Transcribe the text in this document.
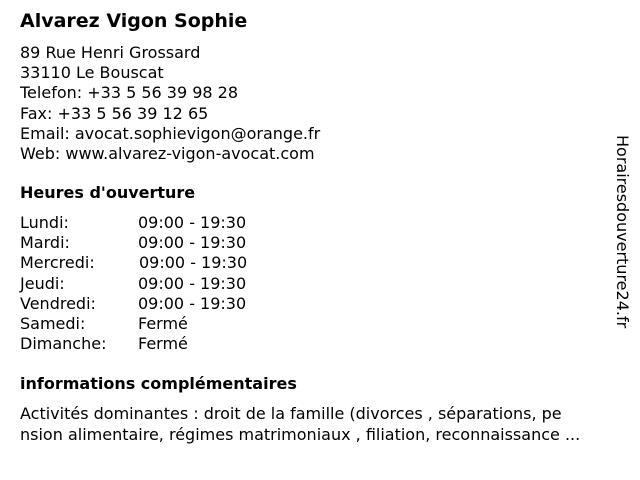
Alvarez Vigon Sophie
89 Rue Henri Grossard
33110 Le Bouscat
Telefon: +33 5 56 39 98 28
Fax: +33 5 56 39 12 65
Email: avocat.sophievigon@orange.fr
Web: www.alvarez-vigon-avocat.com
Heures d'ouverture
Lundi:	09:00 - 19:30
Mardi:	09:00 - 19:30
Mercredi:	09:00 - 19:30
Jeudi:	09:00 - 19:30
Vendredi:	09:00 - 19:30
Samedi:	Fermé
Dimanche: Fermé
informations complémentaires
Activités dominantes : droit de la famille (divorces , séparations, pe
nsion alimentaire, régimes matrimoniaux , filiation, reconnaissance ...
Horairesdouverture24.fr
